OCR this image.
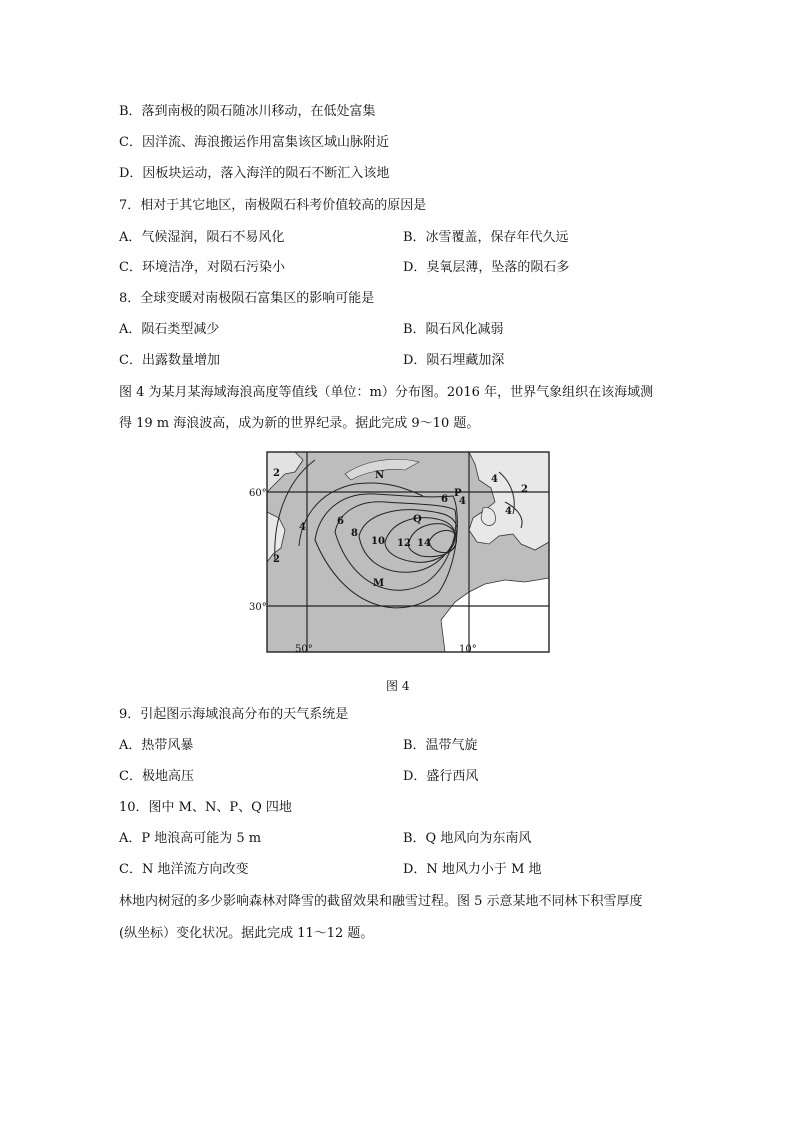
B．落到南极的陨石随冰川移动，在低处富集
C．因洋流、海浪搬运作用富集该区域山脉附近
D．因板块运动，落入海洋的陨石不断汇入该地
7．相对于其它地区，南极陨石科考价值较高的原因是
A．气候湿润，陨石不易风化	B．冰雪覆盖，保存年代久远
C．环境洁净，对陨石污染小	D．臭氧层薄，坠落的陨石多
8．全球变暖对南极陨石富集区的影响可能是
A．陨石类型减少	B．陨石风化减弱
C．出露数量增加	D．陨石埋藏加深
图 4 为某月某海域海浪高度等值线（单位：m）分布图。2016 年，世界气象组织在该海域测
得 19 m 海浪波高，成为新的世界纪录。据此完成 9～10 题。
2
2
4
6
8
10 12 14
6 4
4
4
2
N
P
Q
M
60°
30°
50°	10°
图 4
9．引起图示海域浪高分布的天气系统是
A．热带风暴	B．温带气旋
C．极地高压	D．盛行西风
10．图中 M、N、P、Q 四地
A．P 地浪高可能为 5 m	B．Q 地风向为东南风
C．N 地洋流方向改变	D．N 地风力小于 M 地
林地内树冠的多少影响森林对降雪的截留效果和融雪过程。图 5 示意某地不同林下积雪厚度
(纵坐标）变化状况。据此完成 11～12 题。
